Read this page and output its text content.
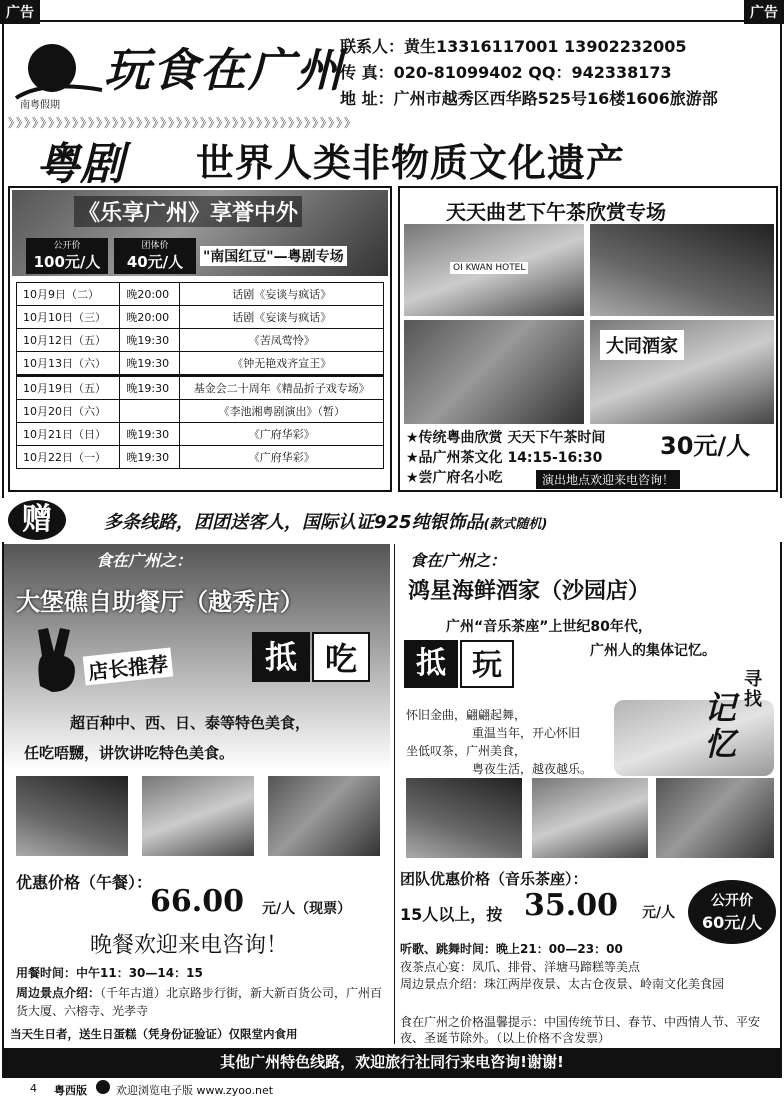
广告	广告
南粤假期
玩食在广州
联系人：黄生13316117001 13902232005
传 真：020-81099402 QQ：942338173
地 址：广州市越秀区西华路525号16楼1606旅游部
》》》》》》》》》》》》》》》》》》》》》》》》》》》》》》》》》》》》》》》》》》》
粤剧 世界人类非物质文化遗产
《乐享广州》享誉中外
公开价
100元/人
团体价
40元/人	"南国红豆"—粤剧专场
10月9日（二）	晚20:00	话剧《妄谈与疯话》
10月10日（三）	晚20:00	话剧《妄谈与疯话》
10月12日（五）	晚19:30	《苦凤莺怜》
10月13日（六）	晚19:30	《钟无艳戏齐宣王》
10月19日（五）	晚19:30	基金会二十周年《精品折子戏专场》
10月20日（六）		《李池湘粤剧演出》（暂）
10月21日（日）	晚19:30	《广府华彩》
10月22日（一）	晚19:30	《广府华彩》
天天曲艺下午茶欣赏专场
OI KWAN HOTEL
大同酒家
★传统粤曲欣赏 天天下午茶时间
★品广州茶文化 14:15-16:30
★尝广府名小吃
30元/人
演出地点欢迎来电咨询！
赠	多条线路，团团送客人，国际认证925纯银饰品(款式随机)
食在广州之：
大堡礁自助餐厅（越秀店）
店长推荐	抵 吃
超百种中、西、日、泰等特色美食，
任吃唔嬲，讲饮讲吃特色美食。
优惠价格（午餐）：
66.00 元/人（现票）
晚餐欢迎来电咨询！
用餐时间：中午11：30—14：15
周边景点介绍：（千年古道）北京路步行街，新大新百货公司，广州百货大厦、六榕寺、光孝寺
当天生日者，送生日蛋糕（凭身份证验证）仅限堂内食用
食在广州之：
鸿星海鲜酒家（沙园店）
广州“音乐茶座”上世纪80年代，
广州人的集体记忆。
抵 玩	寻找
记忆
怀旧金曲，翩翩起舞，
重温当年，开心怀旧
坐低叹茶，广州美食，
粤夜生活，越夜越乐。
团队优惠价格（音乐茶座）：
15人以上，按 35.00 元/人
公开价
60元/人
听歌、跳舞时间：晚上21：00—23：00
夜茶点心宴：凤爪、排骨、洋塘马蹄糕等美点
周边景点介绍：珠江两岸夜景、太古仓夜景、岭南文化美食园
食在广州之价格温馨提示：中国传统节日、春节、中西情人节、平安夜、圣诞节除外。（以上价格不含发票）
其他广州特色线路，欢迎旅行社同行来电咨询!谢谢!
4 粤西版	欢迎浏览电子版 www.zyoo.net
